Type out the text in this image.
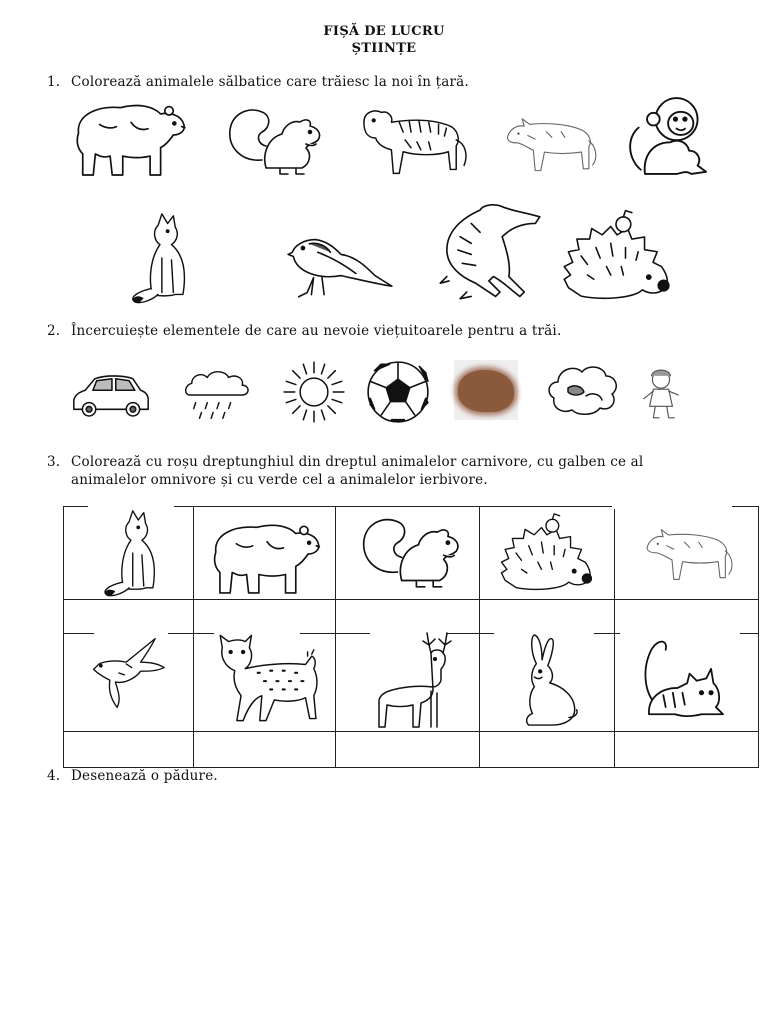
FIȘĂ DE LUCRU
ȘTIINȚE
1. Colorează animalele sălbatice care trăiesc la noi în țară.
2. Încercuiește elementele de care au nevoie viețuitoarele pentru a trăi.
3. Colorează cu roșu dreptunghiul din dreptul animalelor carnivore, cu galben ce al
animalelor omnivore și cu verde cel a animalelor ierbivore.
4. Desenează o pădure.
